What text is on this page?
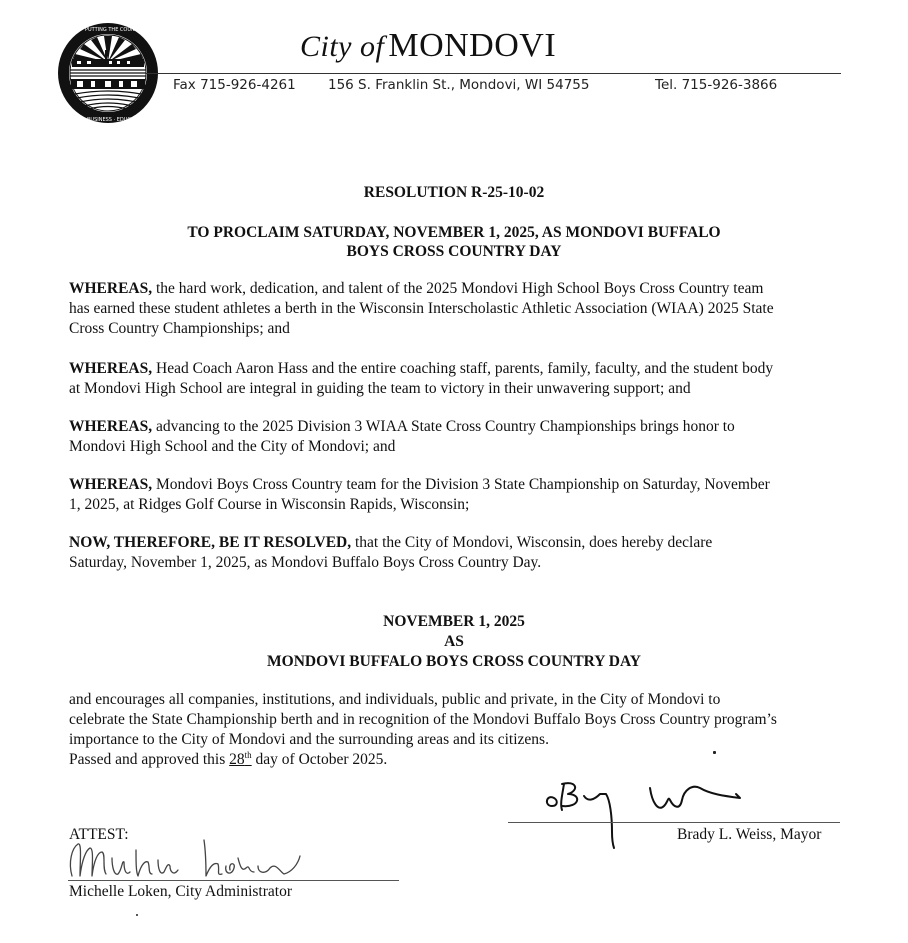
PUTTING THE COUNTRY
BUSINESS · EDUCATION
City of MONDOVI
Fax 715-926-4261 156 S. Franklin St., Mondovi, WI 54755	Tel. 715-926-3866
RESOLUTION R-25-10-02
TO PROCLAIM SATURDAY, NOVEMBER 1, 2025, AS MONDOVI BUFFALO
BOYS CROSS COUNTRY DAY
WHEREAS, the hard work, dedication, and talent of the 2025 Mondovi High School Boys Cross Country team
has earned these student athletes a berth in the Wisconsin Interscholastic Athletic Association (WIAA) 2025 State
Cross Country Championships; and
WHEREAS, Head Coach Aaron Hass and the entire coaching staff, parents, family, faculty, and the student body
at Mondovi High School are integral in guiding the team to victory in their unwavering support; and
WHEREAS, advancing to the 2025 Division 3 WIAA State Cross Country Championships brings honor to
Mondovi High School and the City of Mondovi; and
WHEREAS, Mondovi Boys Cross Country team for the Division 3 State Championship on Saturday, November
1, 2025, at Ridges Golf Course in Wisconsin Rapids, Wisconsin;
NOW, THEREFORE, BE IT RESOLVED, that the City of Mondovi, Wisconsin, does hereby declare
Saturday, November 1, 2025, as Mondovi Buffalo Boys Cross Country Day.
NOVEMBER 1, 2025
AS
MONDOVI BUFFALO BOYS CROSS COUNTRY DAY
and encourages all companies, institutions, and individuals, public and private, in the City of Mondovi to
celebrate the State Championship berth and in recognition of the Mondovi Buffalo Boys Cross Country program’s
importance to the City of Mondovi and the surrounding areas and its citizens.
Passed and approved this 28th day of October 2025.
Brady L. Weiss, Mayor
ATTEST:
Michelle Loken, City Administrator
